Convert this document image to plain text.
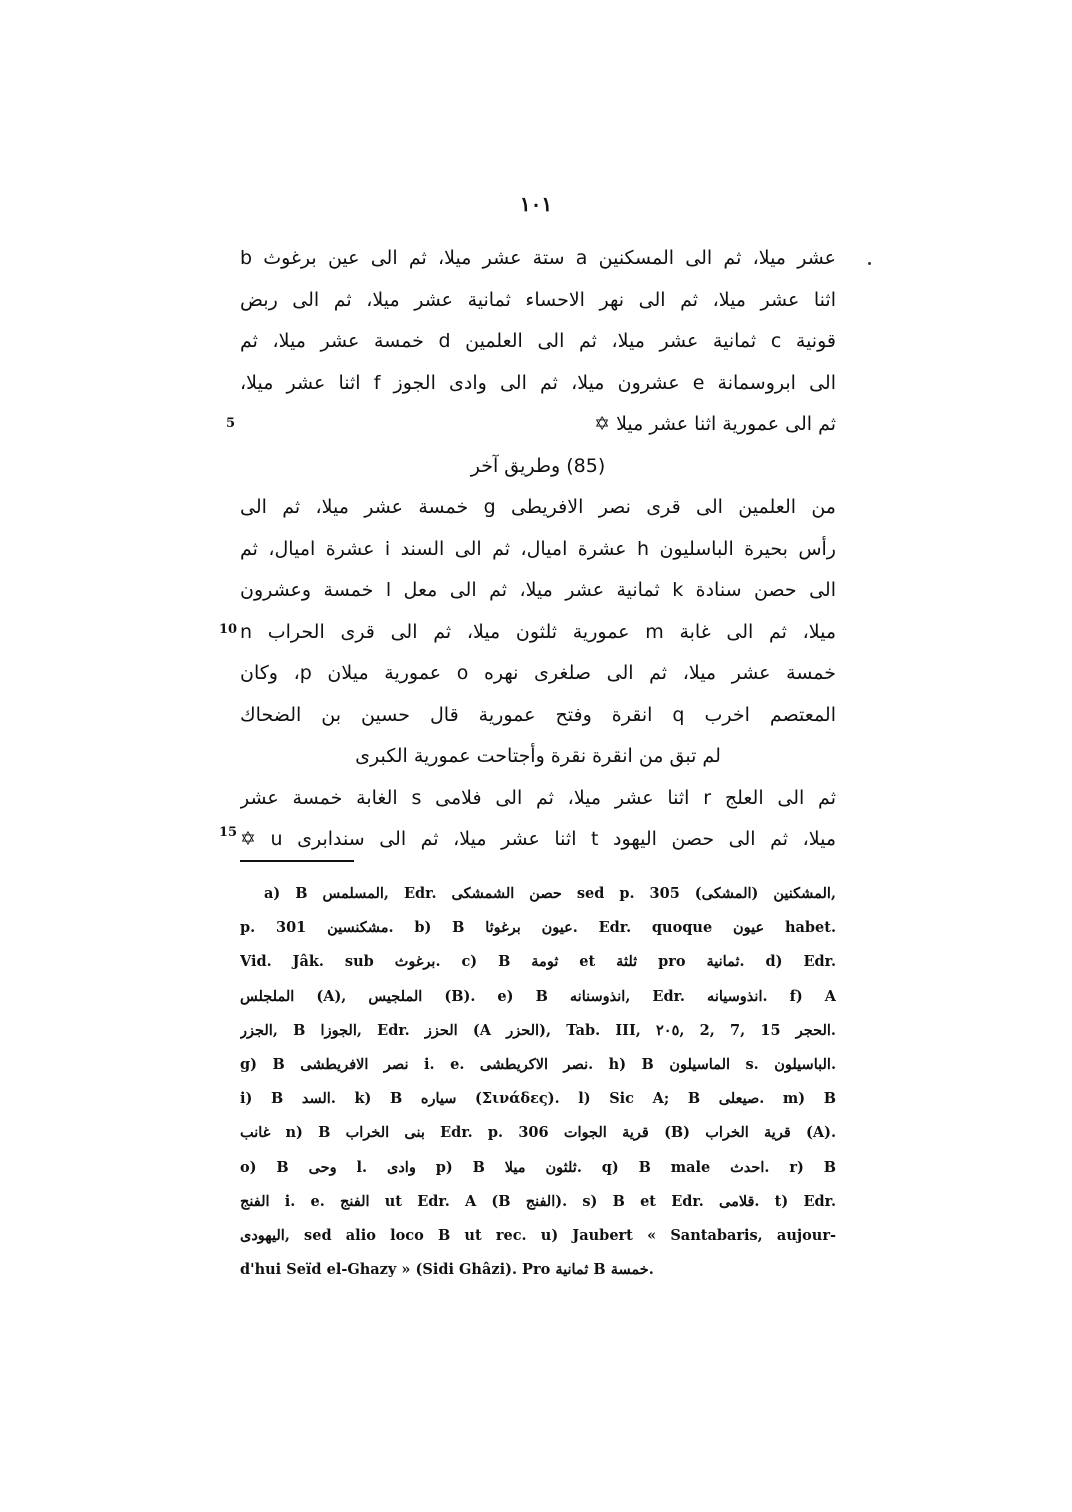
١٠١
عشر ميلا، ثم الى المسكنين a ستة عشر ميلا، ثم الى عين برغوث b
اثنا عشر ميلا، ثم الى نهر الاحساء ثمانية عشر ميلا، ثم الى ربض
قونية c ثمانية عشر ميلا، ثم الى العلمين d خمسة عشر ميلا، ثم
الى ابروسمانة e عشرون ميلا، ثم الى وادى الجوز f اثنا عشر ميلا،
ثم الى عمورية اثنا عشر ميلا ✡
(85) وطريق آخر
من العلمين الى قرى نصر الافريطى g خمسة عشر ميلا، ثم الى
رأس بحيرة الباسليون h عشرة اميال، ثم الى السند i عشرة اميال، ثم
الى حصن سنادة k ثمانية عشر ميلا، ثم الى معل l خمسة وعشرون
ميلا، ثم الى غابة m عمورية ثلثون ميلا، ثم الى قرى الحراب n
خمسة عشر ميلا، ثم الى صلغرى نهره o عمورية ميلان p، وكان
المعتصم اخرب q انقرة وفتح عمورية قال حسين بن الضحاك
لم تبق من انقرة نقرة وأجتاحت عمورية الكبرى
ثم الى العلج r اثنا عشر ميلا، ثم الى فلامى s الغابة خمسة عشر
ميلا، ثم الى حصن اليهود t اثنا عشر ميلا، ثم الى سندابرى u ✡
5
10
15
a) B المسلمس, Edr. حصن الشمشكى sed p. 305 المشكنين (المشكى),
p. 301 مشكنسين. b) B عيون برغوثا. Edr. quoque عيون habet.
Vid. Jâk. sub برغوث. c) B ثومة et ثلثة pro ثمانية. d) Edr.
الملجلس (A), الملجيس (B). e) B انذوسنانه, Edr. انذوسيانه. f) A
الجزر, B الجوزا, Edr. الحزز (A الحزر), Tab. III, ٢٠٥, 2, 7, 15 الحجر.
g) B نصر الافريطشى i. e. نصر الاكريطشى. h) B الماسيلون s. الباسيلون.
i) B السد. k) B سياره (Σινάδες). l) Sic A; B صيعلى. m) B
غانب n) B بنى الخراب Edr. p. 306 قرية الجوات (B) قرية الخراب (A).
o) B وحى l. وادى p) B ثلثون ميلا. q) B male احدث. r) B
الفنج i. e. الفنج ut Edr. A (B الفنج). s) B et Edr. قلامى. t) Edr.
اليهودى, sed alio loco B ut rec. u) Jaubert « Santabaris, aujour-
d'hui Seïd el-Ghazy » (Sidi Ghâzi). Pro ثمانية B خمسة.
